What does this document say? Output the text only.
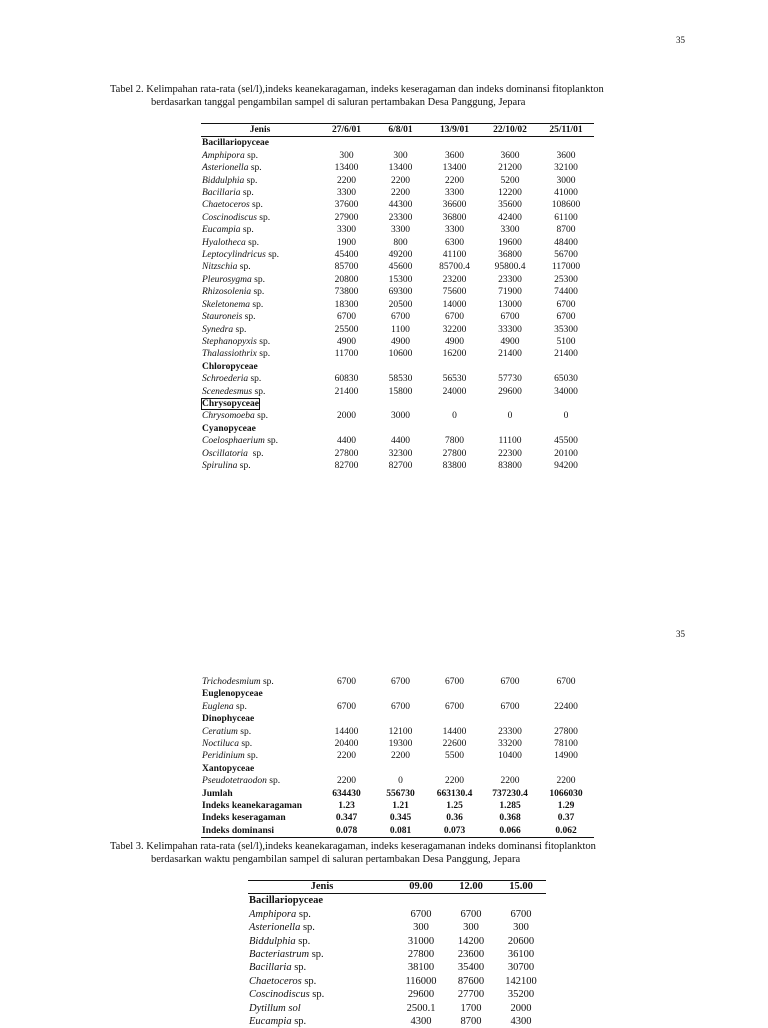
35
Tabel 2. Kelimpahan rata-rata (sel/l),indeks keanekaragaman, indeks keseragaman dan indeks dominansi fitoplankton
berdasarkan tanggal pengambilan sampel di saluran pertambakan Desa Panggung, Jepara
Jenis	27/6/01	6/8/01	13/9/01	22/10/02	25/11/01
Bacillariopyceae					
Amphipora sp.	300	300	3600	3600	3600
Asterionella sp.	13400	13400	13400	21200	32100
Biddulphia sp.	2200	2200	2200	5200	3000
Bacillaria sp.	3300	2200	3300	12200	41000
Chaetoceros sp.	37600	44300	36600	35600	108600
Coscinodiscus sp.	27900	23300	36800	42400	61100
Eucampia sp.	3300	3300	3300	3300	8700
Hyalotheca sp.	1900	800	6300	19600	48400
Leptocylindricus sp.	45400	49200	41100	36800	56700
Nitzschia sp.	85700	45600	85700.4	95800.4	117000
Pleurosygma sp.	20800	15300	23200	23300	25300
Rhizosolenia sp.	73800	69300	75600	71900	74400
Skeletonema sp.	18300	20500	14000	13000	6700
Stauroneis sp.	6700	6700	6700	6700	6700
Synedra sp.	25500	1100	32200	33300	35300
Stephanopyxis sp.	4900	4900	4900	4900	5100
Thalassiothrix sp.	11700	10600	16200	21400	21400
Chloropyceae					
Schroederia sp.	60830	58530	56530	57730	65030
Scenedesmus sp.	21400	15800	24000	29600	34000
Chrysopyceae					
Chrysomoeba sp.	2000	3000	0	0	0
Cyanopyceae					
Coelosphaerium sp.	4400	4400	7800	11100	45500
Oscillatoria  sp.	27800	32300	27800	22300	20100
Spirulina sp.	82700	82700	83800	83800	94200
35
Trichodesmium sp.	6700	6700	6700	6700	6700
Euglenopyceae					
Euglena sp.	6700	6700	6700	6700	22400
Dinophyceae					
Ceratium sp.	14400	12100	14400	23300	27800
Noctiluca sp.	20400	19300	22600	33200	78100
Peridinium sp.	2200	2200	5500	10400	14900
Xantopyceae					
Pseudotetraodon sp.	2200	0	2200	2200	2200
Jumlah	634430	556730	663130.4	737230.4	1066030
Indeks keanekaragaman	1.23	1.21	1.25	1.285	1.29
Indeks keseragaman	0.347	0.345	0.36	0.368	0.37
Indeks dominansi	0.078	0.081	0.073	0.066	0.062
Tabel 3. Kelimpahan rata-rata (sel/l),indeks keanekaragaman, indeks keseragamanan indeks dominansi fitoplankton
berdasarkan waktu pengambilan sampel di saluran pertambakan Desa Panggung, Jepara
Jenis	09.00	12.00	15.00
Bacillariopyceae			
Amphipora sp.	6700	6700	6700
Asterionella sp.	300	300	300
Biddulphia sp.	31000	14200	20600
Bacteriastrum sp.	27800	23600	36100
Bacillaria sp.	38100	35400	30700
Chaetoceros sp.	116000	87600	142100
Coscinodiscus sp.	29600	27700	35200
Dytillum sol	2500.1	1700	2000
Eucampia sp.	4300	8700	4300
